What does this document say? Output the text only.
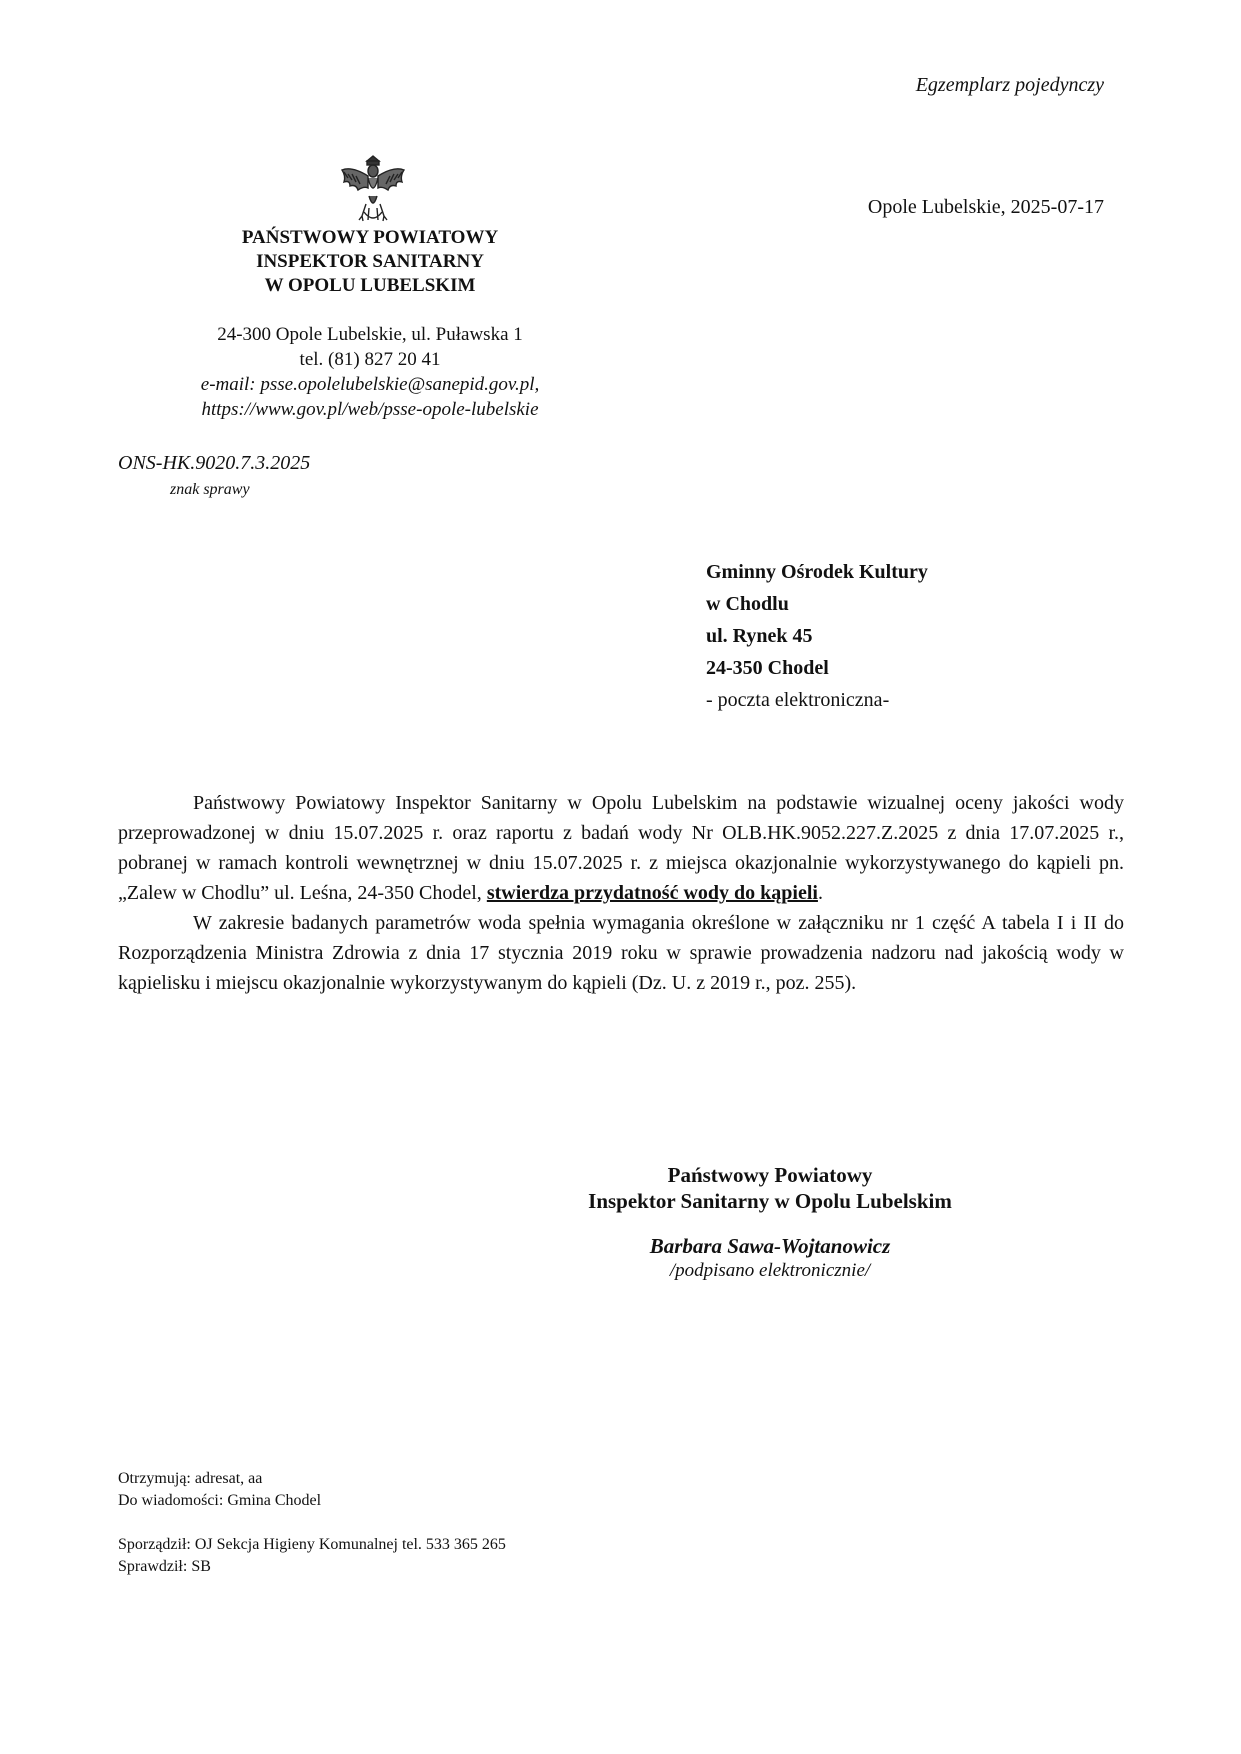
Egzemplarz pojedynczy
Opole Lubelskie, 2025-07-17
PAŃSTWOWY POWIATOWY
INSPEKTOR SANITARNY
W OPOLU LUBELSKIM
24-300 Opole Lubelskie, ul. Puławska 1
tel. (81) 827 20 41
e-mail: psse.opolelubelskie@sanepid.gov.pl,
https://www.gov.pl/web/psse-opole-lubelskie
ONS-HK.9020.7.3.2025
znak sprawy
Gminny Ośrodek Kultury
w Chodlu
ul. Rynek 45
24-350 Chodel
- poczta elektroniczna-

Państwowy Powiatowy Inspektor Sanitarny w Opolu Lubelskim na podstawie wizualnej oceny jakości wody przeprowadzonej w dniu 15.07.2025 r. oraz raportu z badań wody Nr OLB.HK.9052.227.Z.2025 z dnia 17.07.2025 r., pobranej w ramach kontroli wewnętrznej w dniu 15.07.2025 r. z miejsca okazjonalnie wykorzystywanego do kąpieli pn. „Zalew w Chodlu” ul. Leśna, 24-350 Chodel, stwierdza przydatność wody do kąpieli.

W zakresie badanych parametrów woda spełnia wymagania określone w załączniku nr 1 część A tabela I i II do Rozporządzenia Ministra Zdrowia z dnia 17 stycznia 2019 roku w sprawie prowadzenia nadzoru nad jakością wody w kąpielisku i miejscu okazjonalnie wykorzystywanym do kąpieli (Dz. U. z 2019 r., poz. 255).

Państwowy Powiatowy
Inspektor Sanitarny w Opolu Lubelskim
Barbara Sawa-Wojtanowicz
/podpisano elektronicznie/
Otrzymują: adresat, aa
Do wiadomości: Gmina Chodel
Sporządził: OJ Sekcja Higieny Komunalnej tel. 533 365 265
Sprawdził: SB
